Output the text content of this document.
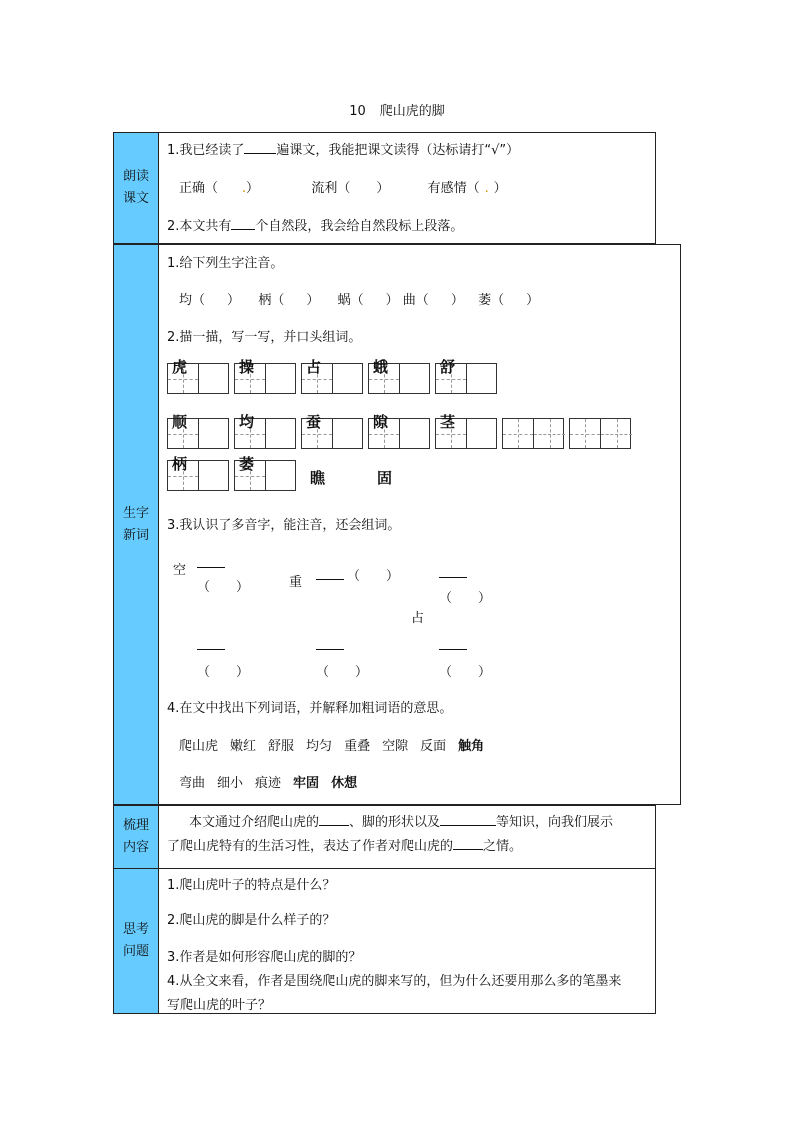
10 爬山虎的脚
朗读课文
1.我已经读了 遍课文，我能把课文读得（达标请打“√”）
正确（ .）	流利（ ）	有感情（ . ）
2.本文共有 个自然段，我会给自然段标上段落。
生字新词
1.给下列生字注音。
均（ ） 柄（ ） 蜗（ ） 曲（ ） 萎（ ）
2.描一描，写一写，并口头组词。
虎	操	占	蛾	舒
顺	均	蚕	隙	茎
柄	萎
瞧	固
3.我认识了多音字，能注音，还会组词。
空
（　　）	重	（　　）
（　　）
占
（　　）	（　　）	（　　）
4.在文中找出下列词语，并解释加粗词语的意思。
爬山虎 嫩红 舒服 均匀 重叠 空隙 反面 触角
弯曲 细小 痕迹 牢固 休想
梳理内容
本文通过介绍爬山虎的 、脚的形状以及	等知识，向我们展示
了爬山虎特有的生活习性，表达了作者对爬山虎的 之情。
思考问题
1.爬山虎叶子的特点是什么？
2.爬山虎的脚是什么样子的？
3.作者是如何形容爬山虎的脚的？
4.从全文来看，作者是围绕爬山虎的脚来写的，但为什么还要用那么多的笔墨来
写爬山虎的叶子？
